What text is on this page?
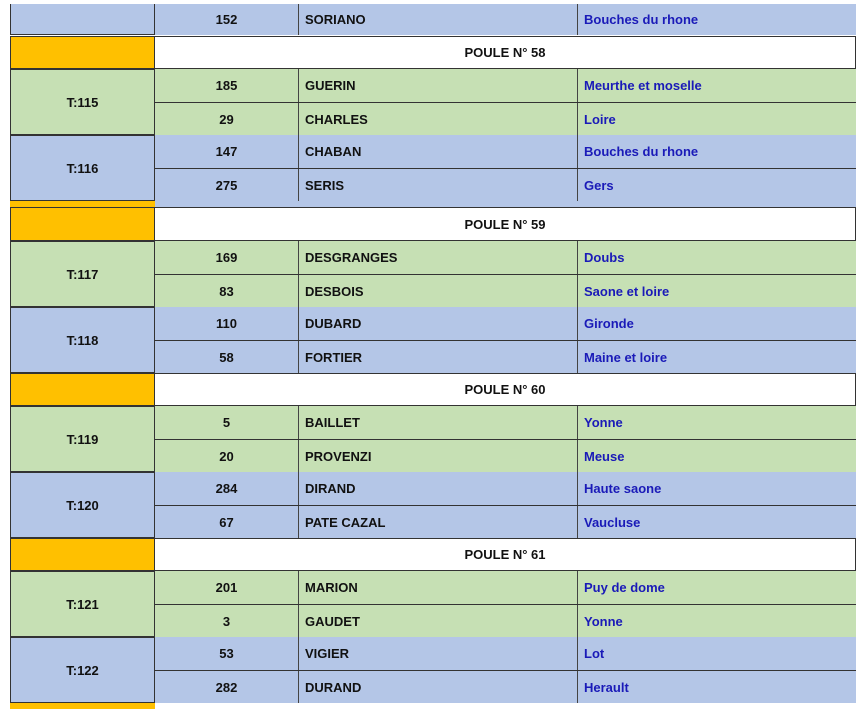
152	SORIANO	Bouches du rhone
POULE N° 58
T:115
185	GUERIN	Meurthe et moselle
29	CHARLES	Loire
T:116
147	CHABAN	Bouches du rhone
275	SERIS	Gers
POULE N° 59
T:117
169	DESGRANGES	Doubs
83	DESBOIS	Saone et loire
T:118
110	DUBARD	Gironde
58	FORTIER	Maine et loire
POULE N° 60
T:119
5	BAILLET	Yonne
20	PROVENZI	Meuse
T:120
284	DIRAND	Haute saone
67	PATE CAZAL	Vaucluse
POULE N° 61
T:121
201	MARION	Puy de dome
3	GAUDET	Yonne
T:122
53	VIGIER	Lot
282	DURAND	Herault
